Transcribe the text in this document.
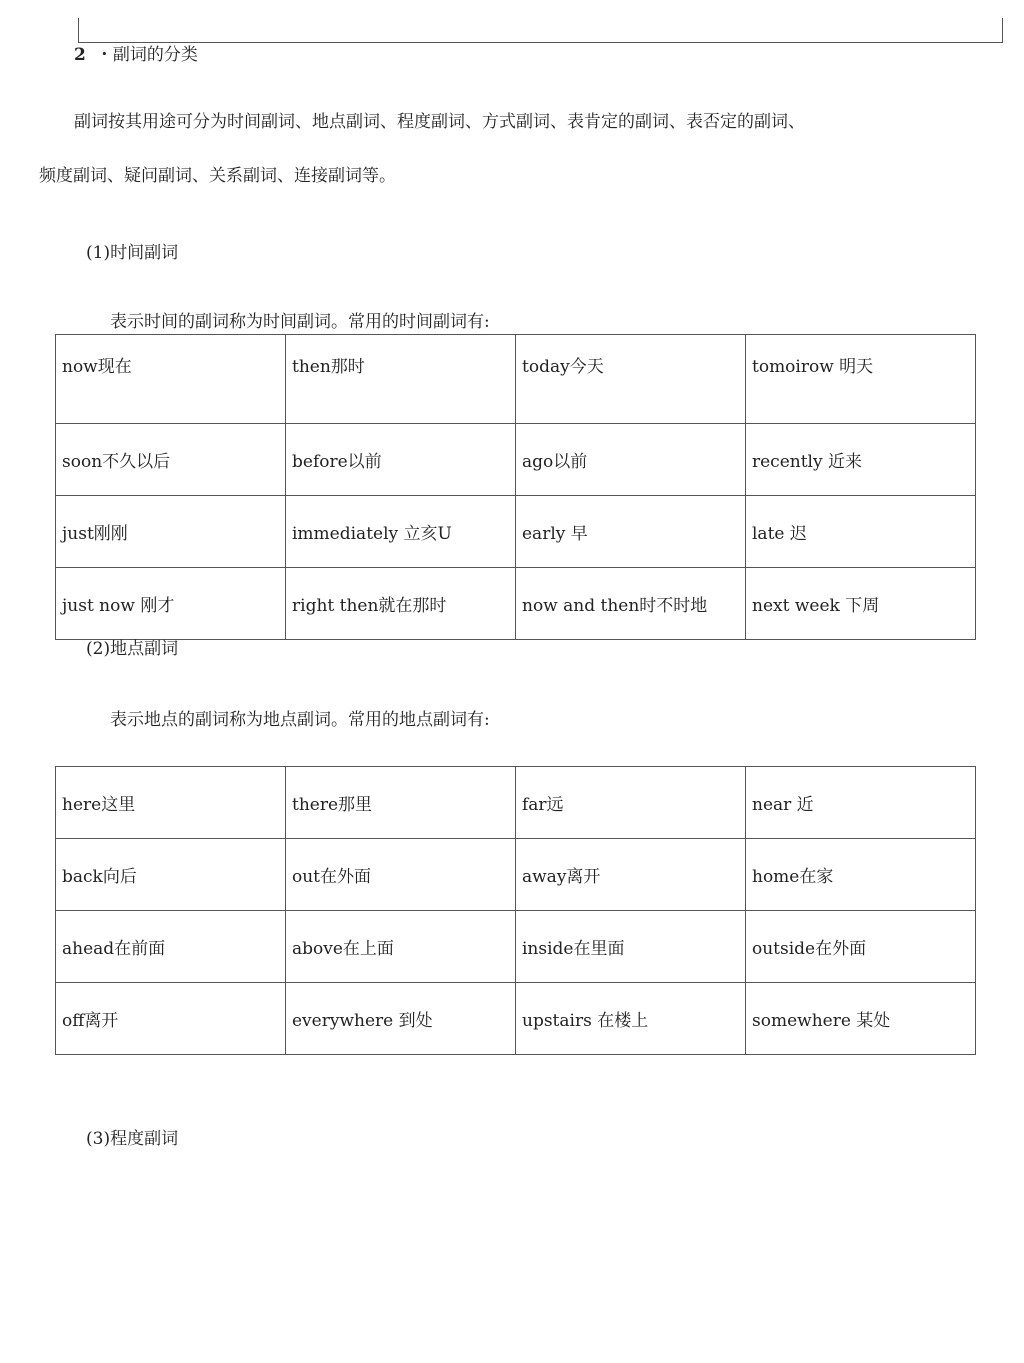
2 ・副词的分类
副词按其用途可分为时间副词、地点副词、程度副词、方式副词、表肯定的副词、表否定的副词、
频度副词、疑问副词、关系副词、连接副词等。
(1)时间副词
表示时间的副词称为时间副词。常用的时间副词有:
now现在	then那时	today今天	tomoirow 明天
soon不久以后	before以前	ago以前	recently 近来
just刚刚	immediately 立亥U	early 早	late 迟
just now 刚才	right then就在那时	now and then时不时地	next week 下周
(2)地点副词
表示地点的副词称为地点副词。常用的地点副词有:
here这里	there那里	far远	near 近
back向后	out在外面	away离开	home在家
ahead在前面	above在上面	inside在里面	outside在外面
off离开	everywhere 到处	upstairs 在楼上	somewhere 某处
(3)程度副词
